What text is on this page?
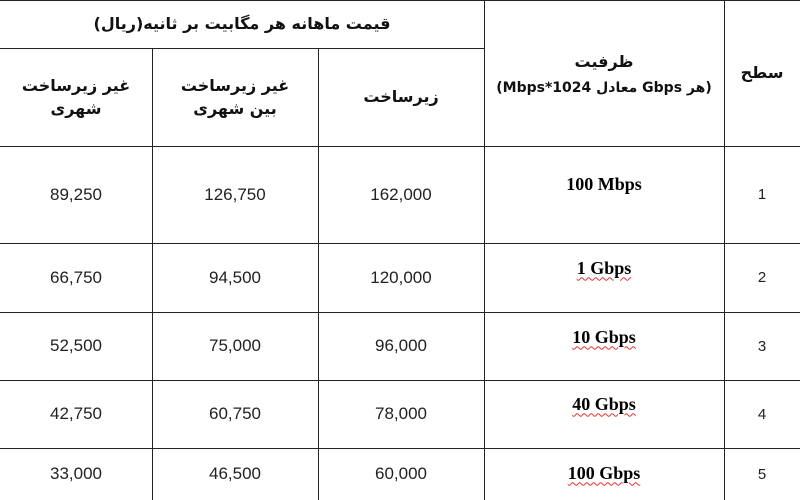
قیمت ماهانه هر مگابیت بر ثانیه(ریال)
سطح
ظرفیت
(هر Gbps معادل 1024*Mbps)
زیرساخت
غیر زیرساخت
بین شهری
غیر زیرساخت شهری
1
100 Mbps
162,000
126,750
89,250
2
1 Gbps
120,000
94,500
66,750
3
10 Gbps
96,000
75,000
52,500
4
40 Gbps
78,000
60,750
42,750
5
100 Gbps
60,000
46,500
33,000
